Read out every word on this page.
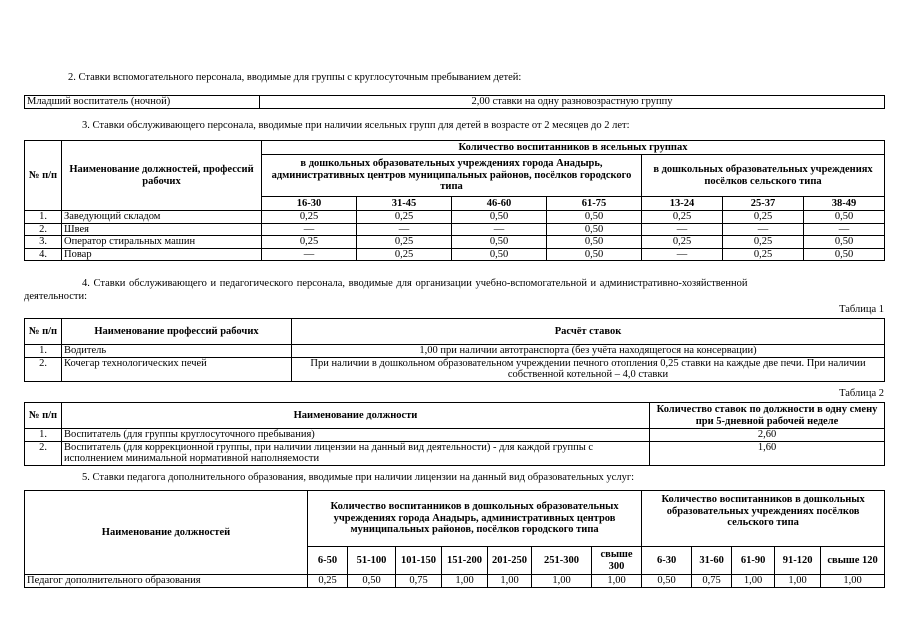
2. Ставки вспомогательного персонала, вводимые для группы с круглосуточным пребыванием детей:
Младший воспитатель (ночной)	2,00 ставки на одну разновозрастную группу
3. Ставки обслуживающего персонала, вводимые при наличии ясельных групп для детей в возрасте от 2 месяцев до 2 лет:
№ п/п	Наименование должностей, профессий рабочих	Количество воспитанников в ясельных группах						
		в дошкольных образовательных учреждениях города Анадырь, административных центров муниципальных районов, посёлков городского типа				в дошкольных образовательных учреждениях посёлков сельского типа		
		16-30	31-45	46-60	61-75	13-24	25-37	38-49
1.	Заведующий складом	0,25	0,25	0,50	0,50	0,25	0,25	0,50
2.	Швея	—	—	—	0,50	—	—	—
3.	Оператор стиральных машин	0,25	0,25	0,50	0,50	0,25	0,25	0,50
4.	Повар	—	0,25	0,50	0,50	—	0,25	0,50
4. Ставки обслуживающего и педагогического персонала, вводимые для организации учебно-вспомогательной и административно-хозяйственной
деятельности:
Таблица 1
№ п/п	Наименование профессий рабочих	Расчёт ставок
1.	Водитель	1,00 при наличии автотранспорта (без учёта находящегося на консервации)
2.	Кочегар технологических печей	При наличии в дошкольном образовательном учреждении печного отопления 0,25 ставки на каждые две печи. При наличии собственной котельной – 4,0 ставки
Таблица 2
№ п/п	Наименование должности	Количество ставок по должности в одну смену при 5-дневной рабочей неделе
1.	Воспитатель (для группы круглосуточного пребывания)	2,60
2.	Воспитатель (для коррекционной группы, при наличии лицензии на данный вид деятельности) - для каждой группы с исполнением минимальной нормативной наполняемости	1,60
5. Ставки педагога дополнительного образования, вводимые при наличии лицензии на данный вид образовательных услуг:
Наименование должностей	Количество воспитанников в дошкольных образовательных учреждениях города Анадырь, административных центров муниципальных районов, посёлков городского типа							Количество воспитанников в дошкольных образовательных учреждениях посёлков сельского типа				
	6-50	51-100	101-150	151-200	201-250	251-300	свыше 300	6-30	31-60	61-90	91-120	свыше 120
Педагог дополнительного образования	0,25	0,50	0,75	1,00	1,00	1,00	1,00	0,50	0,75	1,00	1,00	1,00
